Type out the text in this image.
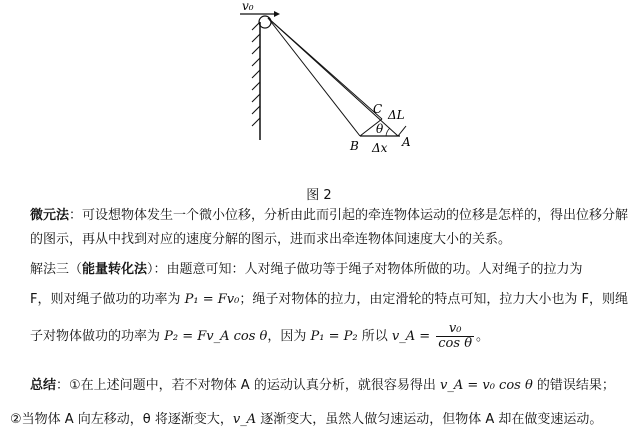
v₀
C ΔL
θ
B Δx A
图 2
微元法：可设想物体发生一个微小位移，分析由此而引起的牵连物体运动的位移是怎样的，得出位移分解的图示，再从中找到对应的速度分解的图示，进而求出牵连物体间速度大小的关系。
解法三（能量转化法）：由题意可知：人对绳子做功等于绳子对物体所做的功。人对绳子的拉力为
F，则对绳子做功的功率为 P₁ = Fv₀；绳子对物体的拉力，由定滑轮的特点可知，拉力大小也为 F，则绳
子对物体做功的功率为 P₂ = Fv_A cos θ，因为 P₁ = P₂ 所以 v_A = $\frac{\text{v₀}}{\text{cos θ}}$ 。
总结：①在上述问题中，若不对物体 A 的运动认真分析，就很容易得出 v_A = v₀ cos θ 的错误结果；
②当物体 A 向左移动，θ 将逐渐变大，v_A 逐渐变大，虽然人做匀速运动，但物体 A 却在做变速运动。
